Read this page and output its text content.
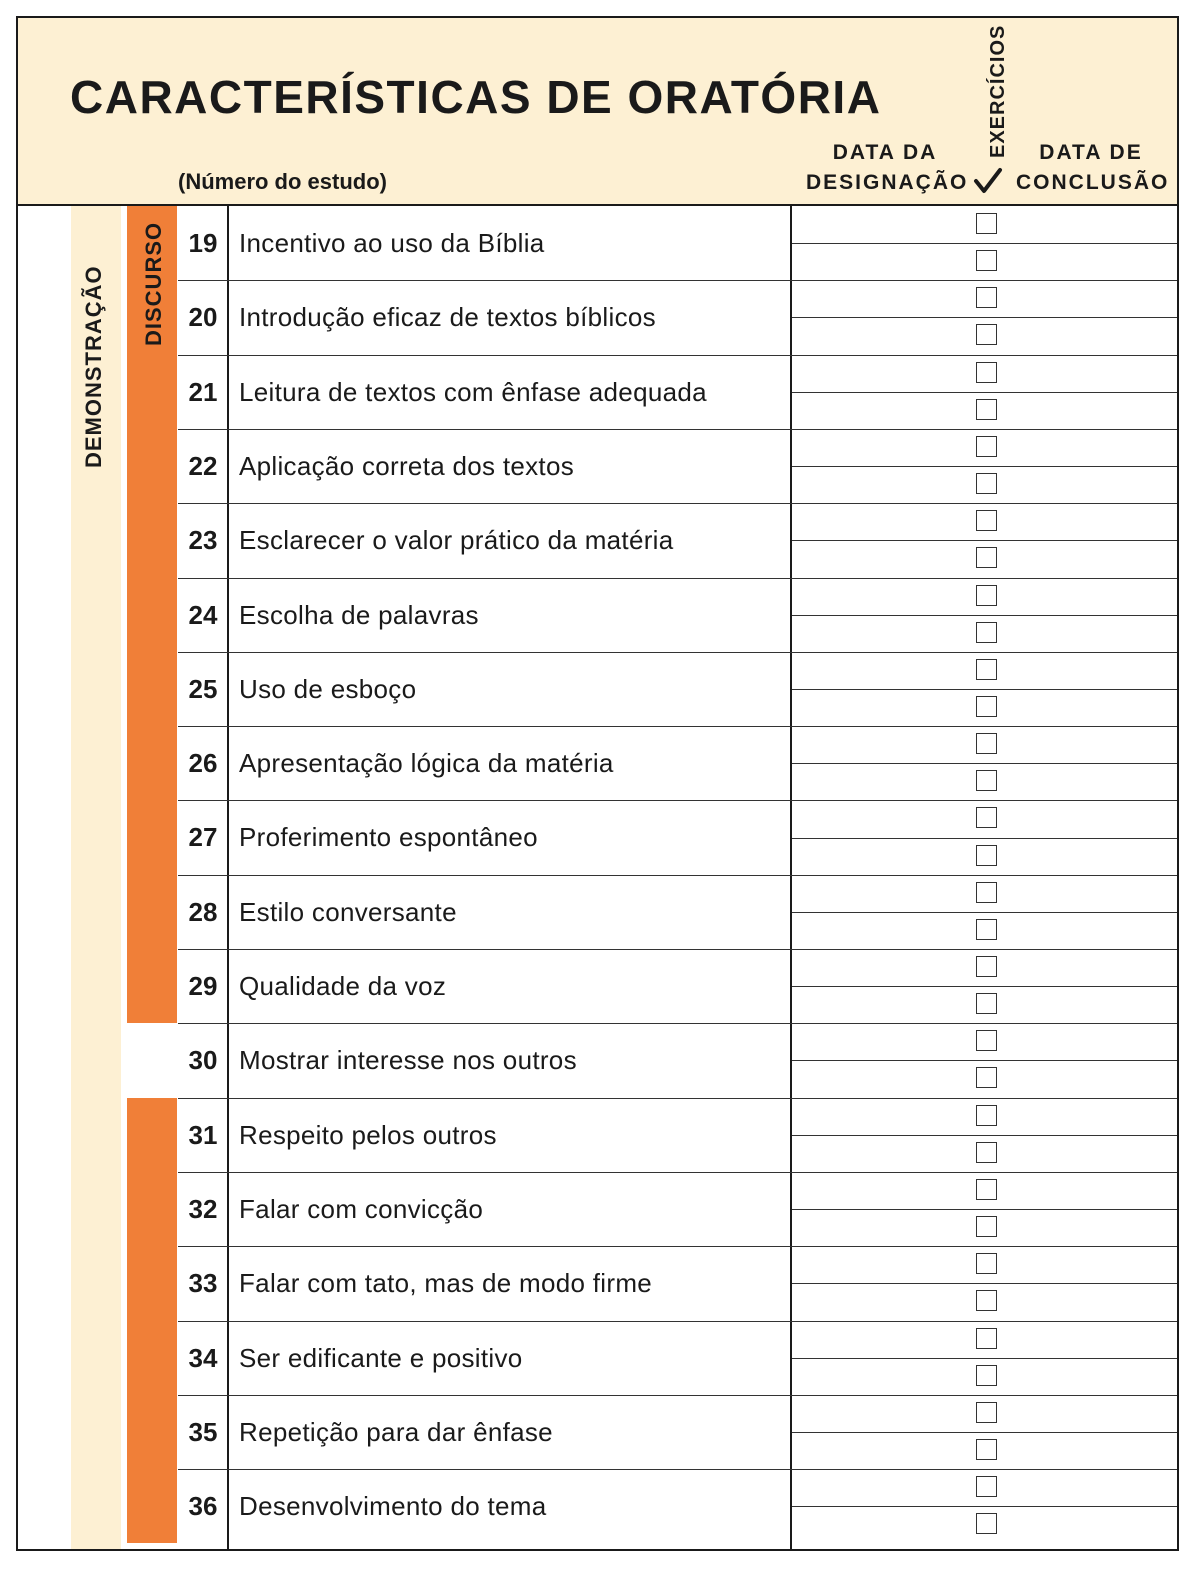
CARACTERÍSTICAS DE ORATÓRIA
(Número do estudo)
DATA DA
DESIGNAÇÃO
EXERCÍCIOS	DATA DE
CONCLUSÃO
DEMONSTRAÇÃO DISCURSO 19 Incentivo ao uso da Bíblia
20 Introdução eficaz de textos bíblicos
21 Leitura de textos com ênfase adequada
22 Aplicação correta dos textos
23 Esclarecer o valor prático da matéria
24 Escolha de palavras
25 Uso de esboço
26 Apresentação lógica da matéria
27 Proferimento espontâneo
28 Estilo conversante
29 Qualidade da voz
30 Mostrar interesse nos outros
31 Respeito pelos outros
32 Falar com convicção
33 Falar com tato, mas de modo firme
34 Ser edificante e positivo
35 Repetição para dar ênfase
36 Desenvolvimento do tema
